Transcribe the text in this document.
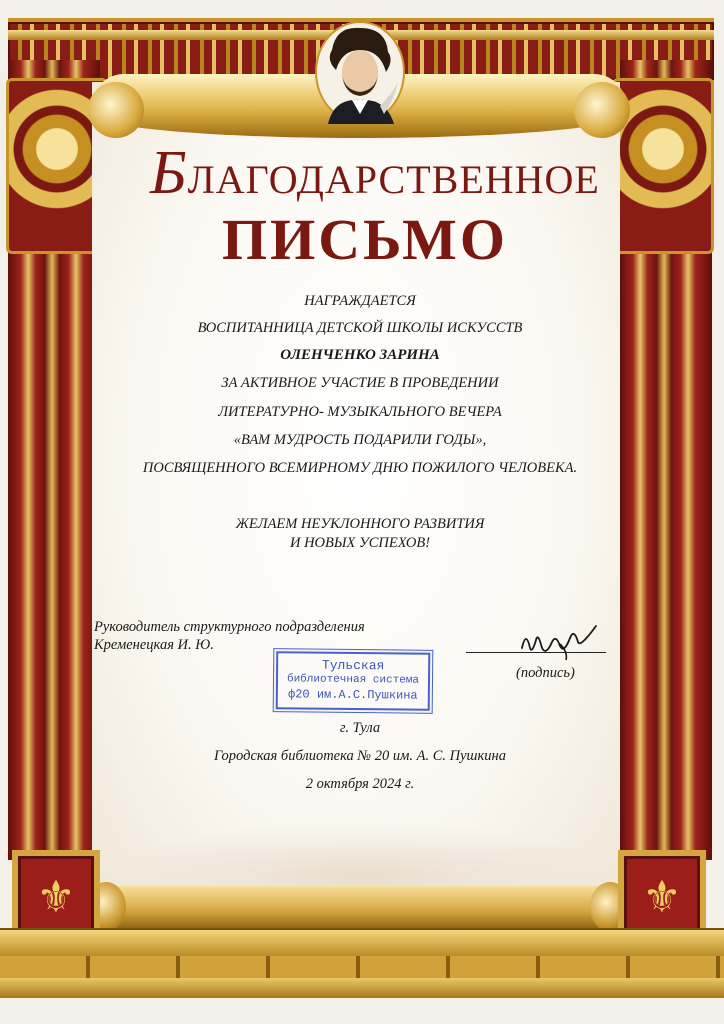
БЛАГОДАРСТВЕННОЕ
ПИСЬМО
НАГРАЖДАЕТСЯ
ВОСПИТАННИЦА ДЕТСКОЙ ШКОЛЫ ИСКУССТВ
ОЛЕНЧЕНКО ЗАРИНА
ЗА АКТИВНОЕ УЧАСТИЕ В ПРОВЕДЕНИИ
ЛИТЕРАТУРНО- МУЗЫКАЛЬНОГО ВЕЧЕРА
«ВАМ МУДРОСТЬ ПОДАРИЛИ ГОДЫ»,
ПОСВЯЩЕННОГО ВСЕМИРНОМУ ДНЮ ПОЖИЛОГО ЧЕЛОВЕКА.
ЖЕЛАЕМ НЕУКЛОННОГО РАЗВИТИЯ
И НОВЫХ УСПЕХОВ!
Руководитель структурного подразделения
Кременецкая И. Ю.
(подпись)
Тульская
библиотечная система
ф20 им.А.С.Пушкина
г. Тула
Городская библиотека № 20 им. А. С. Пушкина
2 октября 2024 г.
⚜	⚜
